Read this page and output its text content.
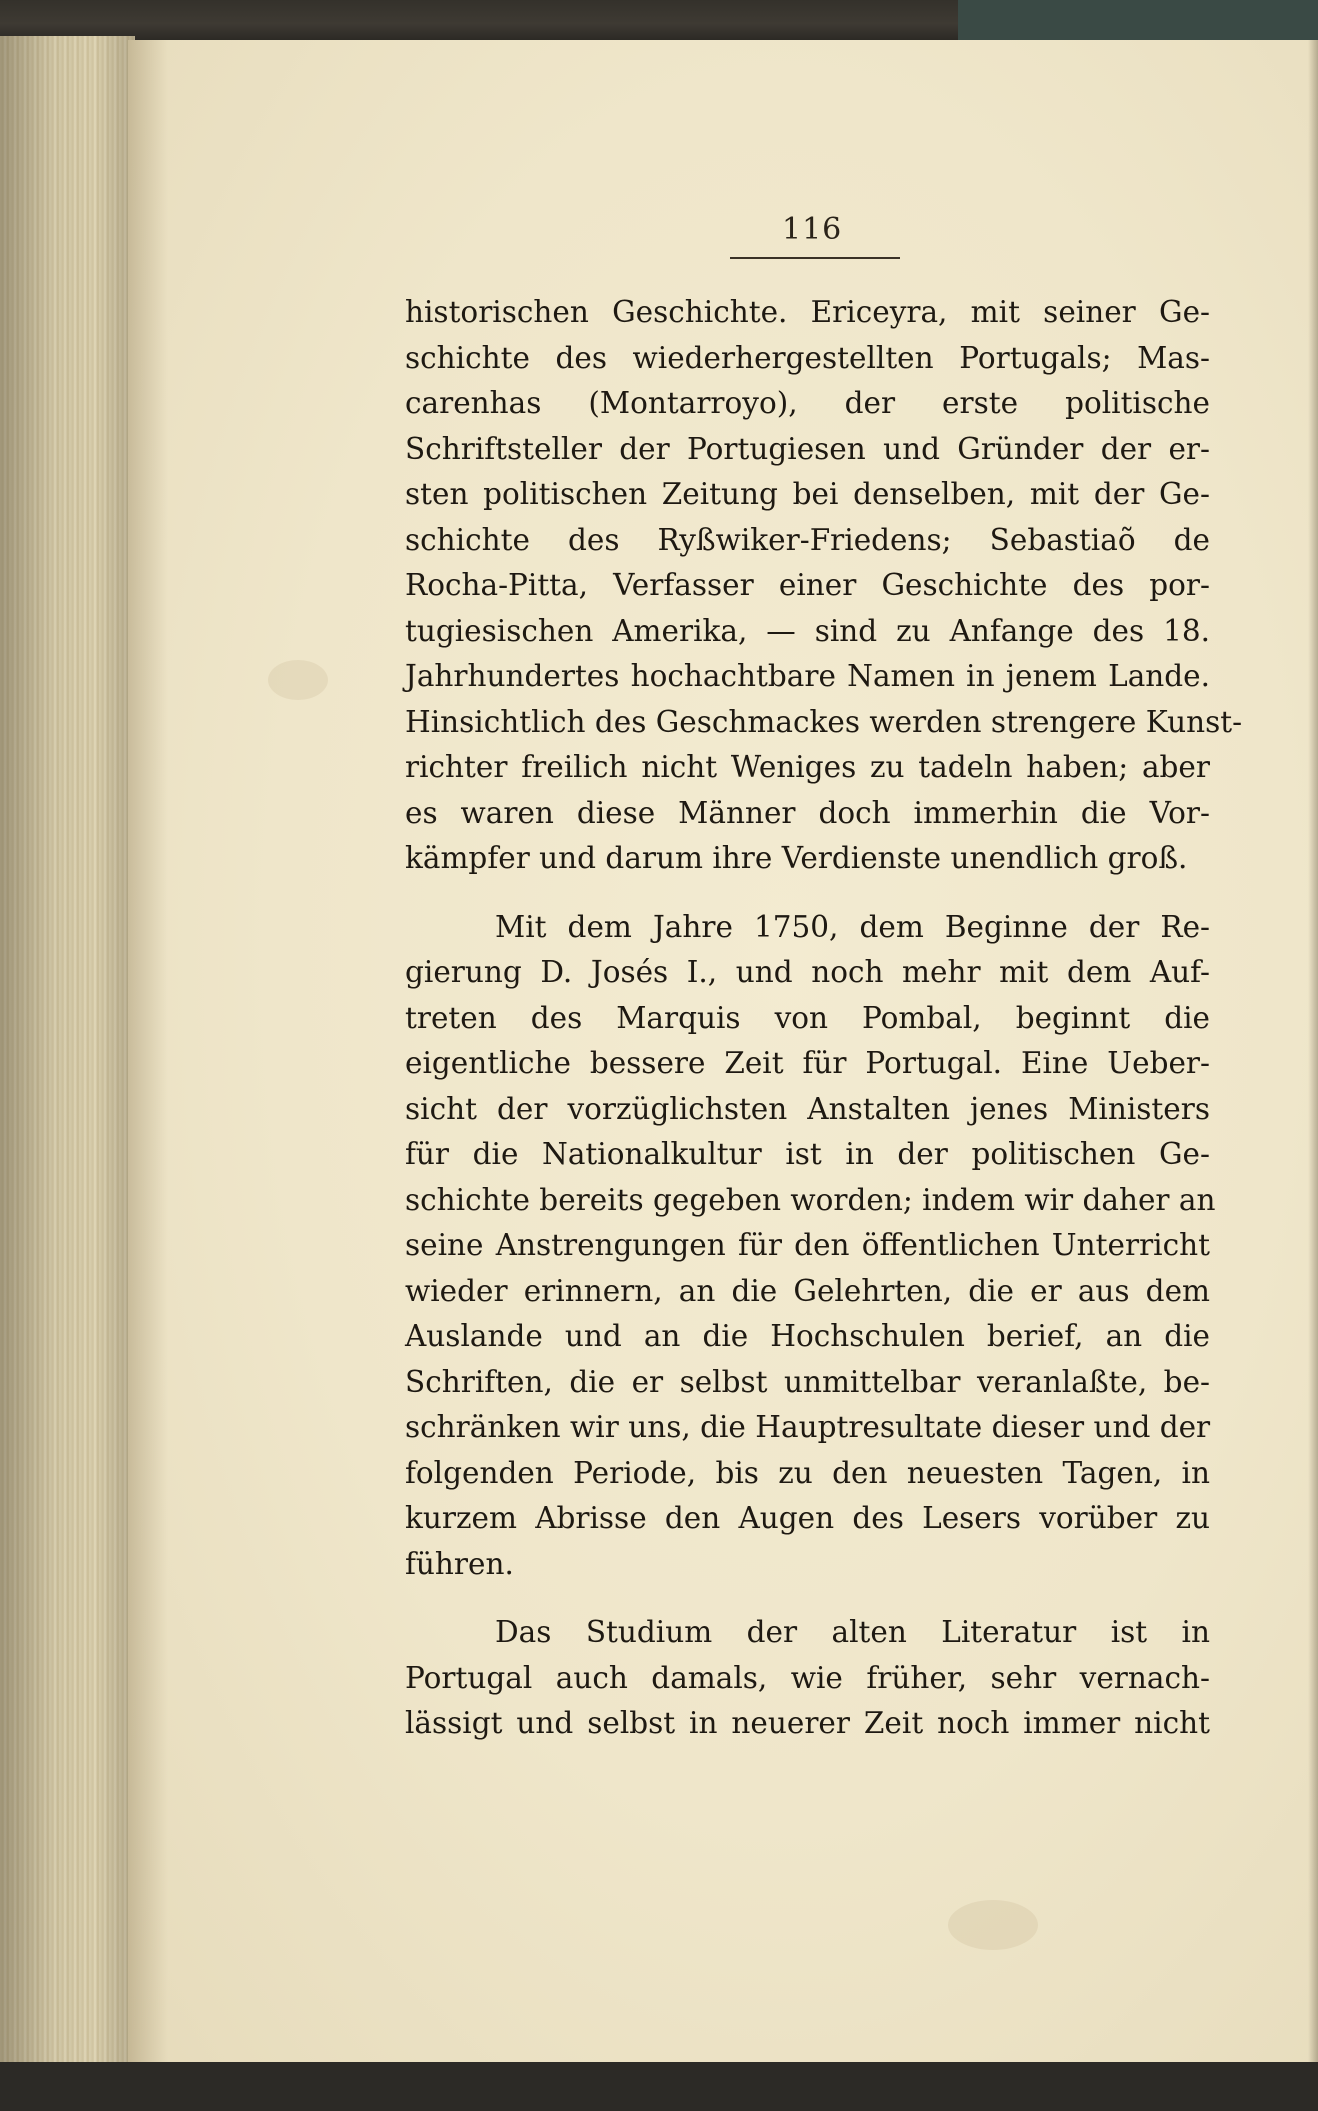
116
historischen Geschichte. Ericeyra, mit seiner Ge-
schichte des wiederhergestellten Portugals; Mas-
carenhas (Montarroyo), der erste politische
Schriftsteller der Portugiesen und Gründer der er-
sten politischen Zeitung bei denselben, mit der Ge-
schichte des Ryßwiker-Friedens; Sebastiaõ de
Rocha-Pitta, Verfasser einer Geschichte des por-
tugiesischen Amerika, — sind zu Anfange des 18.
Jahrhundertes hochachtbare Namen in jenem Lande.
Hinsichtlich des Geschmackes werden strengere Kunst-
richter freilich nicht Weniges zu tadeln haben; aber
es waren diese Männer doch immerhin die Vor-
kämpfer und darum ihre Verdienste unendlich groß.
Mit dem Jahre 1750, dem Beginne der Re-
gierung D. Josés I., und noch mehr mit dem Auf-
treten des Marquis von Pombal, beginnt die
eigentliche bessere Zeit für Portugal. Eine Ueber-
sicht der vorzüglichsten Anstalten jenes Ministers
für die Nationalkultur ist in der politischen Ge-
schichte bereits gegeben worden; indem wir daher an
seine Anstrengungen für den öffentlichen Unterricht
wieder erinnern, an die Gelehrten, die er aus dem
Auslande und an die Hochschulen berief, an die
Schriften, die er selbst unmittelbar veranlaßte, be-
schränken wir uns, die Hauptresultate dieser und der
folgenden Periode, bis zu den neuesten Tagen, in
kurzem Abrisse den Augen des Lesers vorüber zu
führen.
Das Studium der alten Literatur ist in
Portugal auch damals, wie früher, sehr vernach-
lässigt und selbst in neuerer Zeit noch immer nicht
